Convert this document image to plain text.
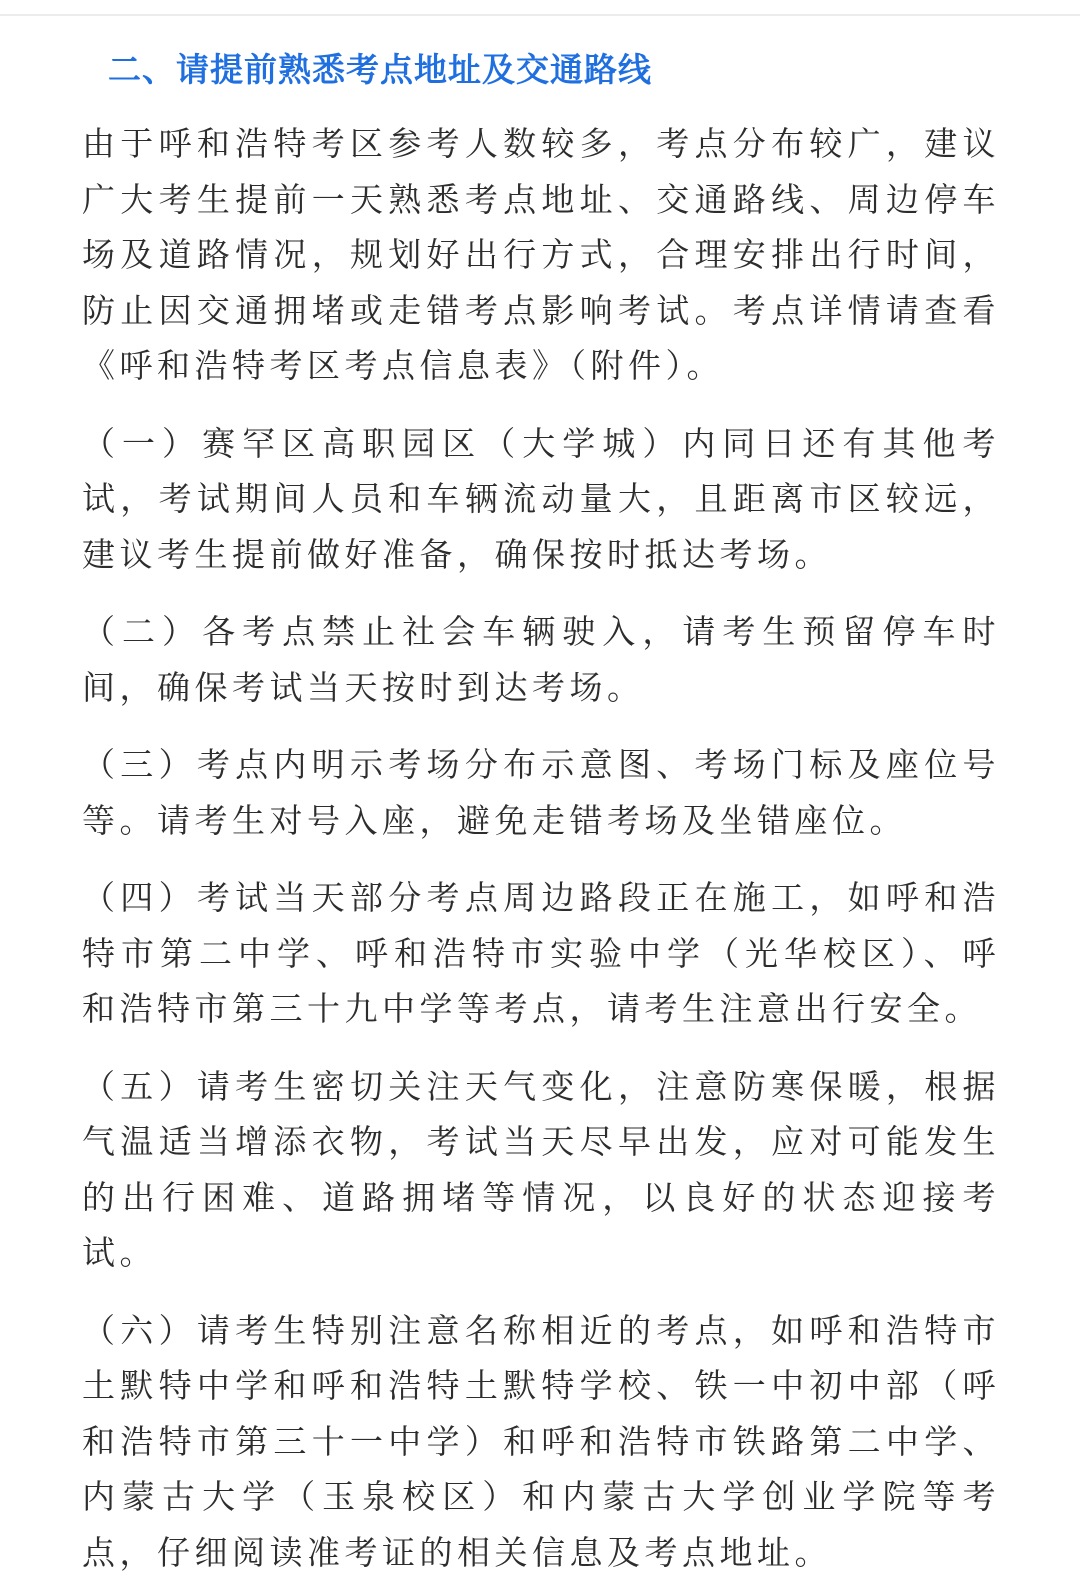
二、请提前熟悉考点地址及交通路线

由于呼和浩特考区参考人数较多，考点分布较广，建议广大考生提前一天熟悉考点地址、交通路线、周边停车场及道路情况，规划好出行方式，合理安排出行时间，防止因交通拥堵或走错考点影响考试。考点详情请查看《呼和浩特考区考点信息表》（附件）。

（一）赛罕区高职园区（大学城）内同日还有其他考试，考试期间人员和车辆流动量大，且距离市区较远，建议考生提前做好准备，确保按时抵达考场。

（二）各考点禁止社会车辆驶入，请考生预留停车时间，确保考试当天按时到达考场。

（三）考点内明示考场分布示意图、考场门标及座位号等。请考生对号入座，避免走错考场及坐错座位。

（四）考试当天部分考点周边路段正在施工，如呼和浩特市第二中学、呼和浩特市实验中学（光华校区）、呼和浩特市第三十九中学等考点，请考生注意出行安全。

（五）请考生密切关注天气变化，注意防寒保暖，根据气温适当增添衣物，考试当天尽早出发，应对可能发生的出行困难、道路拥堵等情况，以良好的状态迎接考试。

（六）请考生特别注意名称相近的考点，如呼和浩特市土默特中学和呼和浩特土默特学校、铁一中初中部（呼和浩特市第三十一中学）和呼和浩特市铁路第二中学、内蒙古大学（玉泉校区）和内蒙古大学创业学院等考点，仔细阅读准考证的相关信息及考点地址。
